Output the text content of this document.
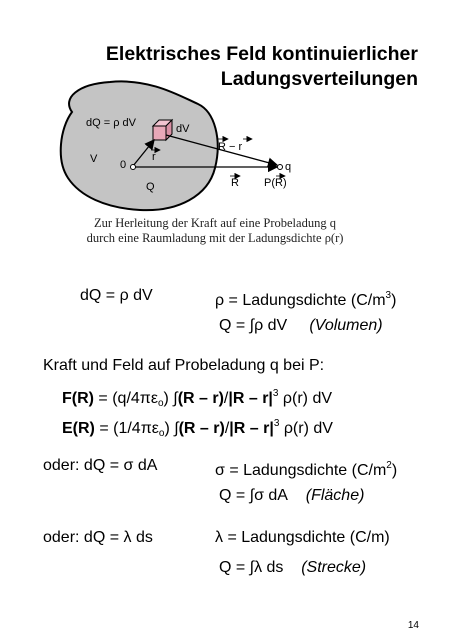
Elektrisches Feld kontinuierlicher
Ladungsverteilungen
dQ = ρ dV	dV
V
Q
0
r
R − r
q
R P(R)
Zur Herleitung der Kraft auf eine Probeladung q
durch eine Raumladung mit der Ladungsdichte ρ(r)
dQ = ρ dV	ρ = Ladungsdichte $(C/m^3)$
Q = ∫ρ dV (Volumen)
Kraft und Feld auf Probeladung q bei P:
$F(R) = (q/4\pi\varepsilon_o)$ $\int(R - r)/|R - r|^3$ ρ(r) dV
$E(R) = (1/4\pi\varepsilon_o)$ $\int(R - r)/|R - r|^3$ ρ(r) dV
oder: dQ = σ dA	σ = Ladungsdichte $(C/m^2)$
Q = ∫σ dA (Fläche)
oder: dQ = λ ds	λ = Ladungsdichte (C/m)
Q = ∫λ ds (Strecke)
14
